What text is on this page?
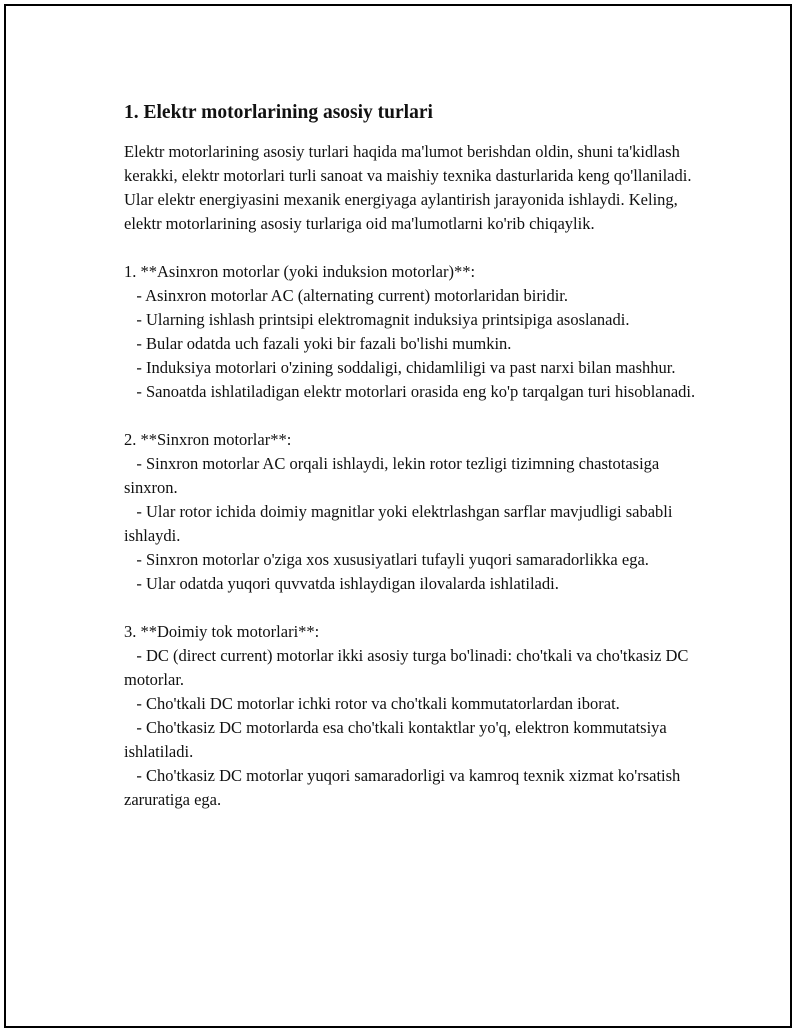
1. Elektr motorlarining asosiy turlari

Elektr motorlarining asosiy turlari haqida ma'lumot berishdan oldin, shuni ta'kidlash kerakki, elektr motorlari turli sanoat va maishiy texnika dasturlarida keng qo'llaniladi. Ular elektr energiyasini mexanik energiyaga aylantirish jarayonida ishlaydi. Keling, elektr motorlarining asosiy turlariga oid ma'lumotlarni ko'rib chiqaylik.

1. **Asinxron motorlar (yoki induksion motorlar)**:

- Asinxron motorlar AC (alternating current) motorlaridan biridir.

- Ularning ishlash printsipi elektromagnit induksiya printsipiga asoslanadi.

- Bular odatda uch fazali yoki bir fazali bo'lishi mumkin.

- Induksiya motorlari o'zining soddaligi, chidamliligi va past narxi bilan mashhur.

- Sanoatda ishlatiladigan elektr motorlari orasida eng ko'p tarqalgan turi hisoblanadi.

2. **Sinxron motorlar**:

- Sinxron motorlar AC orqali ishlaydi, lekin rotor tezligi tizimning chastotasiga sinxron.

- Ular rotor ichida doimiy magnitlar yoki elektrlashgan sarflar mavjudligi sababli ishlaydi.

- Sinxron motorlar o'ziga xos xususiyatlari tufayli yuqori samaradorlikka ega.

- Ular odatda yuqori quvvatda ishlaydigan ilovalarda ishlatiladi.

3. **Doimiy tok motorlari**:

- DC (direct current) motorlar ikki asosiy turga bo'linadi: cho'tkali va cho'tkasiz DC motorlar.

- Cho'tkali DC motorlar ichki rotor va cho'tkali kommutatorlardan iborat.

- Cho'tkasiz DC motorlarda esa cho'tkali kontaktlar yo'q, elektron kommutatsiya ishlatiladi.

- Cho'tkasiz DC motorlar yuqori samaradorligi va kamroq texnik xizmat ko'rsatish zaruratiga ega.
